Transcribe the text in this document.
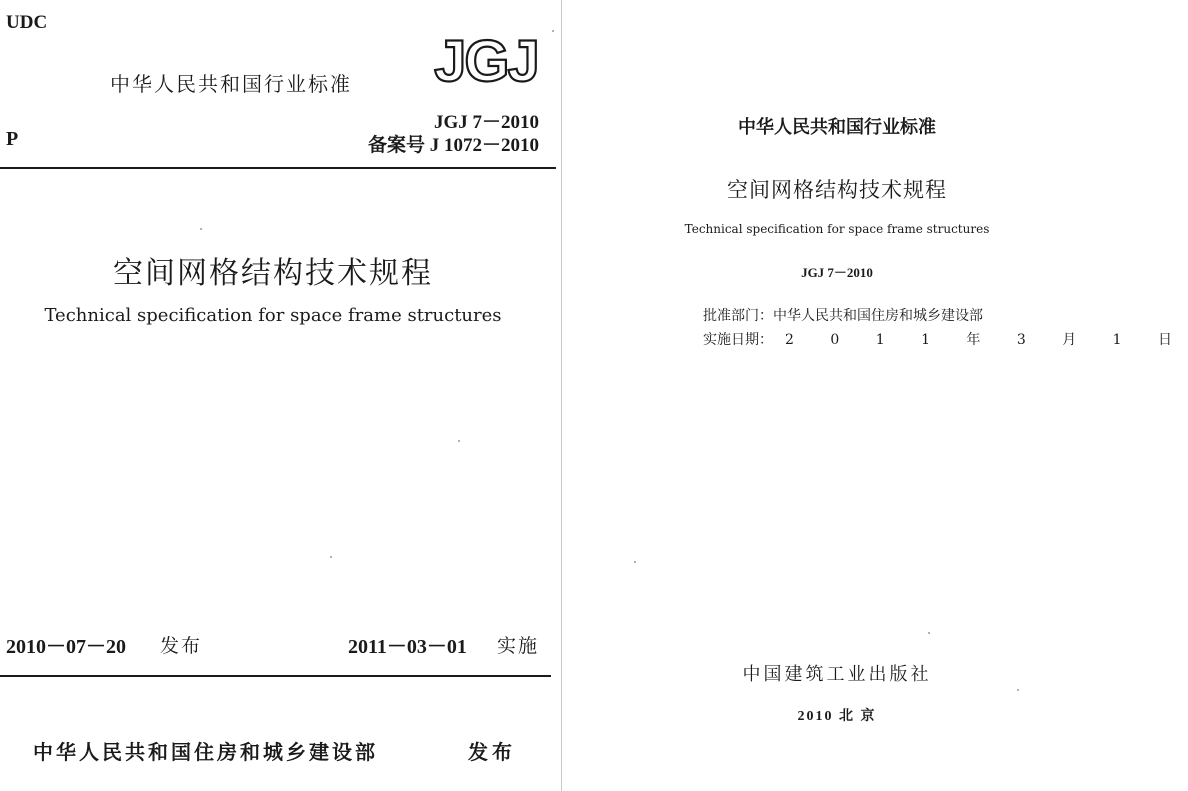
UDC
中华人民共和国行业标准 JGJ
JGJ 7－2010
备案号 J 1072－2010
P
空间网格结构技术规程
Technical specification for space frame structures
2010－07－20 发布	2011－03－01 实施
中华人民共和国住房和城乡建设部	发布
中华人民共和国行业标准
空间网格结构技术规程
Technical specification for space frame structures
JGJ 7－2010
批准部门：中华人民共和国住房和城乡建设部
实施日期： 2 0 1 1 年 3 月 1 日
中国建筑工业出版社
2010 北 京
